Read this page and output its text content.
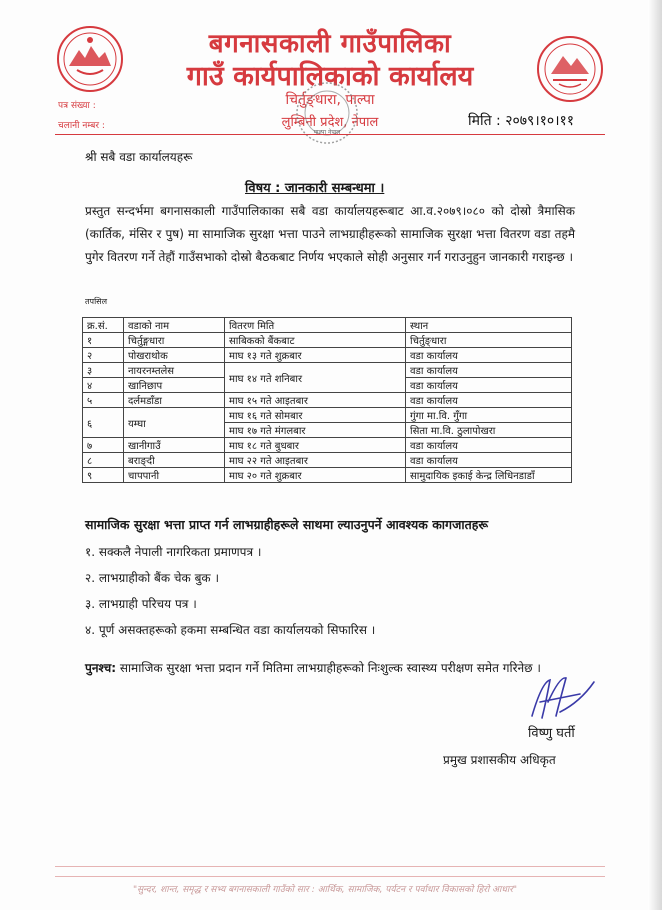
बगनासकाली गाउँपालिका
गाउँ कार्यपालिकाको कार्यालय
चिर्तुङ्धारा, पाल्पा
लुम्बिनी प्रदेश, नेपाल
पाल्पा नेपाल
पत्र संख्या :
चलानी नम्बर :	मिति : २०७९।१०।११
श्री सबै वडा कार्यालयहरू
विषय : जानकारी सम्बन्धमा ।
प्रस्तुत सन्दर्भमा बगनासकाली गाउँपालिकाका सबै वडा कार्यालयहरूबाट आ.व.२०७९।०८० को दोस्रो त्रैमासिक (कार्तिक, मंसिर र पुष) मा सामाजिक सुरक्षा भत्ता पाउने लाभग्राहीहरूको सामाजिक सुरक्षा भत्ता वितरण वडा तहमै पुगेर वितरण गर्ने तेहौं गाउँसभाको दोस्रो बैठकबाट निर्णय भएकाले सोही अनुसार गर्न गराउनुहुन जानकारी गराइन्छ ।
तपसिल
क्र.सं.	वडाको नाम	वितरण मिति	स्थान
१	चिर्तुङ्गधारा	साबिकको बैंकबाट	चिर्तुङ्धारा
२	पोखराथोक	माघ १३ गते शुक्रबार	वडा कार्यालय
३	नायरनम्तलेस	माघ १४ गते शनिबार	वडा कार्यालय
४	खानिछाप		वडा कार्यालय
५	दर्लमडाँडा	माघ १५ गते आइतबार	वडा कार्यालय
६	यम्घा	माघ १६ गते सोमबार	गुंगा मा.वि. गुँगा
		माघ १७ गते मंगलबार	सिता मा.वि. ठुलापोखरा
७	खानीगाउँ	माघ १८ गते बुधबार	वडा कार्यालय
८	बराङ्दी	माघ २२ गते आइतबार	वडा कार्यालय
९	चापपानी	माघ २० गते शुक्रबार	सामुदायिक इकाई केन्द्र लिधिनडाडाँ
सामाजिक सुरक्षा भत्ता प्राप्त गर्न लाभग्राहीहरूले साथमा ल्याउनुपर्ने आवश्यक कागजातहरू
१. सक्कलै नेपाली नागरिकता प्रमाणपत्र ।
२. लाभग्राहीको बैंक चेक बुक ।
३. लाभग्राही परिचय पत्र ।
४. पूर्ण असक्तहरूको हकमा सम्बन्धित वडा कार्यालयको सिफारिस ।
पुनश्च: सामाजिक सुरक्षा भत्ता प्रदान गर्ने मितिमा लाभग्राहीहरूको निःशुल्क स्वास्थ्य परीक्षण समेत गरिनेछ ।
विष्णु घर्ती
प्रमुख प्रशासकीय अधिकृत
"सुन्दर, शान्त, समृद्ध र सभ्य बगनासकाली गाउँको सार : आर्थिक, सामाजिक, पर्यटन र पर्वाधार विकासको हिरो आधार"
